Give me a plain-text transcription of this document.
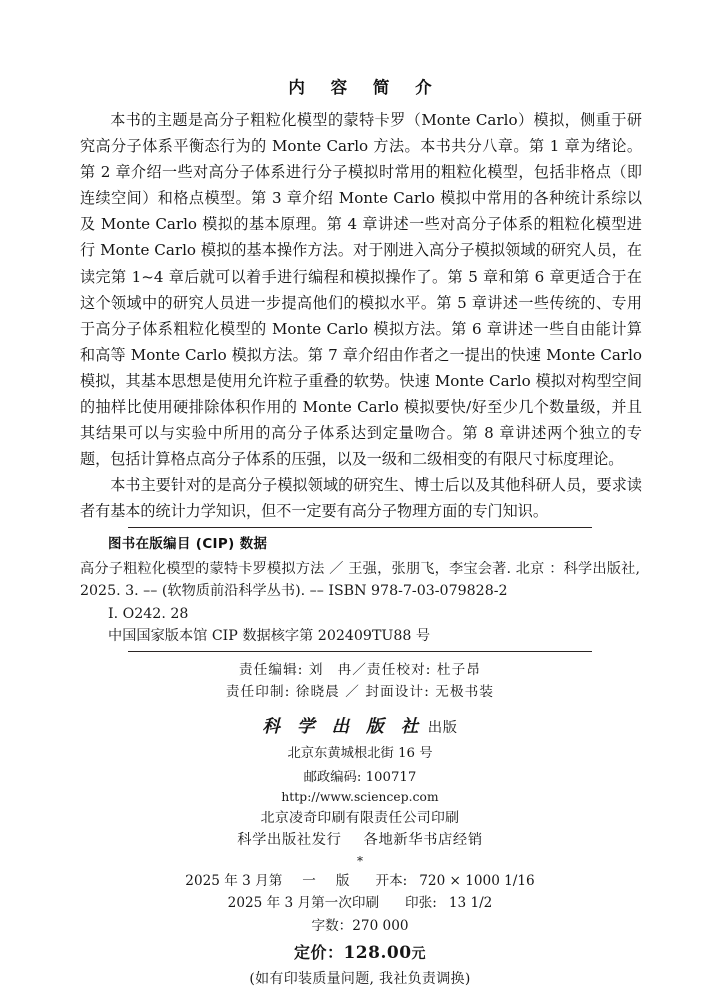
内 容 简 介

本书的主题是高分子粗粒化模型的蒙特卡罗（Monte Carlo）模拟，侧重于研究高分子体系平衡态行为的 Monte Carlo 方法。本书共分八章。第 1 章为绪论。第 2 章介绍一些对高分子体系进行分子模拟时常用的粗粒化模型，包括非格点（即连续空间）和格点模型。第 3 章介绍 Monte Carlo 模拟中常用的各种统计系综以及 Monte Carlo 模拟的基本原理。第 4 章讲述一些对高分子体系的粗粒化模型进行 Monte Carlo 模拟的基本操作方法。对于刚进入高分子模拟领域的研究人员，在读完第 1~4 章后就可以着手进行编程和模拟操作了。第 5 章和第 6 章更适合于在这个领域中的研究人员进一步提高他们的模拟水平。第 5 章讲述一些传统的、专用于高分子体系粗粒化模型的 Monte Carlo 模拟方法。第 6 章讲述一些自由能计算和高等 Monte Carlo 模拟方法。第 7 章介绍由作者之一提出的快速 Monte Carlo 模拟，其基本思想是使用允许粒子重叠的软势。快速 Monte Carlo 模拟对构型空间的抽样比使用硬排除体积作用的 Monte Carlo 模拟要快/好至少几个数量级，并且其结果可以与实验中所用的高分子体系达到定量吻合。第 8 章讲述两个独立的专题，包括计算格点高分子体系的压强，以及一级和二级相变的有限尺寸标度理论。

本书主要针对的是高分子模拟领域的研究生、博士后以及其他科研人员，要求读者有基本的统计力学知识，但不一定要有高分子物理方面的专门知识。

图书在版编目 (CIP) 数据
高分子粗粒化模型的蒙特卡罗模拟方法 ／ 王强，张朋飞，李宝会著. 北京 ：科学出版社, 2025. 3. –– (软物质前沿科学丛书). –– ISBN 978-7-03-079828-2
Ⅰ. O242. 28
中国国家版本馆 CIP 数据核字第 202409TU88 号
责任编辑: 刘 冉／责任校对: 杜子昂
责任印制: 徐晓晨 ／ 封面设计: 无极书装
科 学 出 版 社 出版
北京东黄城根北街 16 号
邮政编码: 100717
http://www.sciencep.com
北京凌奇印刷有限责任公司印刷
科学出版社发行 各地新华书店经销
*
2025 年 3 月第 一 版 开本: 720 × 1000 1/16
2025 年 3 月第一次印刷 印张: 13 1/2
字数：270 000
定价：128.00元
(如有印装质量问题, 我社负责调换)
